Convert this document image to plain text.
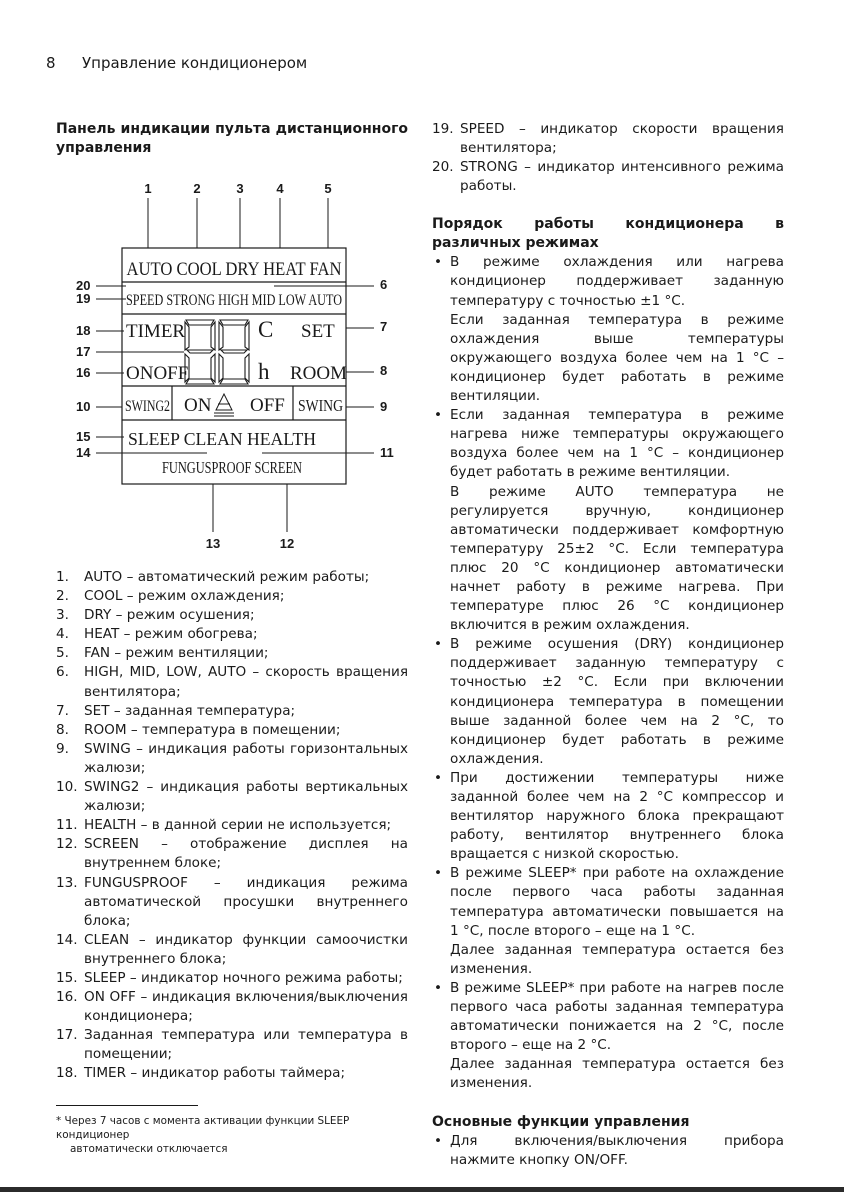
8 Управление кондиционером
Панель индикации пульта дистанционного управления
1	2	3	4	5
13	12
20
19
18
17
16
10
15
14
6
7
8
9
11
AUTO COOL DRY HEAT FAN
SPEED STRONG HIGH MID LOW AUTO
TIMER	C SET
ONOFF	h ROOM
SWING2 ON OFF SWING
SLEEP CLEAN HEALTH
FUNGUSPROOF SCREEN
1. AUTO – автоматический режим работы;
2. COOL – режим охлаждения;
3. DRY – режим осушения;
4. HEAT – режим обогрева;
5. FAN – режим вентиляции;
6. HIGH, MID, LOW, AUTO – скорость вращения вентилятора;
7. SET – заданная температура;
8. ROOM – температура в помещении;
9. SWING – индикация работы горизонтальных жалюзи;
10. SWING2 – индикация работы вертикальных жалюзи;
11. HEALTH – в данной серии не используется;
12. SCREEN – отображение дисплея на внутреннем блоке;
13. FUNGUSPROOF – индикация режима автоматической просушки внутреннего блока;
14. CLEAN – индикатор функции самоочистки внутреннего блока;
15. SLEEP – индикатор ночного режима работы;
16. ON OFF – индикация включения/выключения кондиционера;
17. Заданная температура или температура в помещении;
18. TIMER – индикатор работы таймера;
* Через 7 часов с момента активации функции SLEEP кондиционер
автоматически отключается
19. SPEED – индикатор скорости вращения вентилятора;
20. STRONG – индикатор интенсивного режима работы.
Порядок работы кондиционера в различных режимах
• В режиме охлаждения или нагрева кондиционер поддерживает заданную температуру с точностью ±1 °С.

Если заданная температура в режиме охлаждения выше температуры окружающего воздуха более чем на 1 °С – кондиционер будет работать в режиме вентиляции.

• Если заданная температура в режиме нагрева ниже температуры окружающего воздуха более чем на 1 °С – кондиционер будет работать в режиме вентиляции.

В режиме AUTO температура не регулируется вручную, кондиционер автоматически поддерживает комфортную температуру 25±2 °С. Если температура плюс 20 °С кондиционер автоматически начнет работу в режиме нагрева. При температуре плюс 26 °С кондиционер включится в режим охлаждения.

• В режиме осушения (DRY) кондиционер поддерживает заданную температуру с точностью ±2 °С. Если при включении кондиционера температура в помещении выше заданной более чем на 2 °С, то кондиционер будет работать в режиме охлаждения.

• При достижении температуры ниже заданной более чем на 2 °С компрессор и вентилятор наружного блока прекращают работу, вентилятор внутреннего блока вращается с низкой скоростью.

• В режиме SLEEP* при работе на охлаждение после первого часа работы заданная температура автоматически повышается на 1 °С, после второго – еще на 1 °С.

Далее заданная температура остается без изменения.

• В режиме SLEEP* при работе на нагрев после первого часа работы заданная температура автоматически понижается на 2 °С, после второго – еще на 2 °С.

Далее заданная температура остается без изменения.

Основные функции управления
• Для включения/выключения прибора нажмите кнопку ON/OFF.
